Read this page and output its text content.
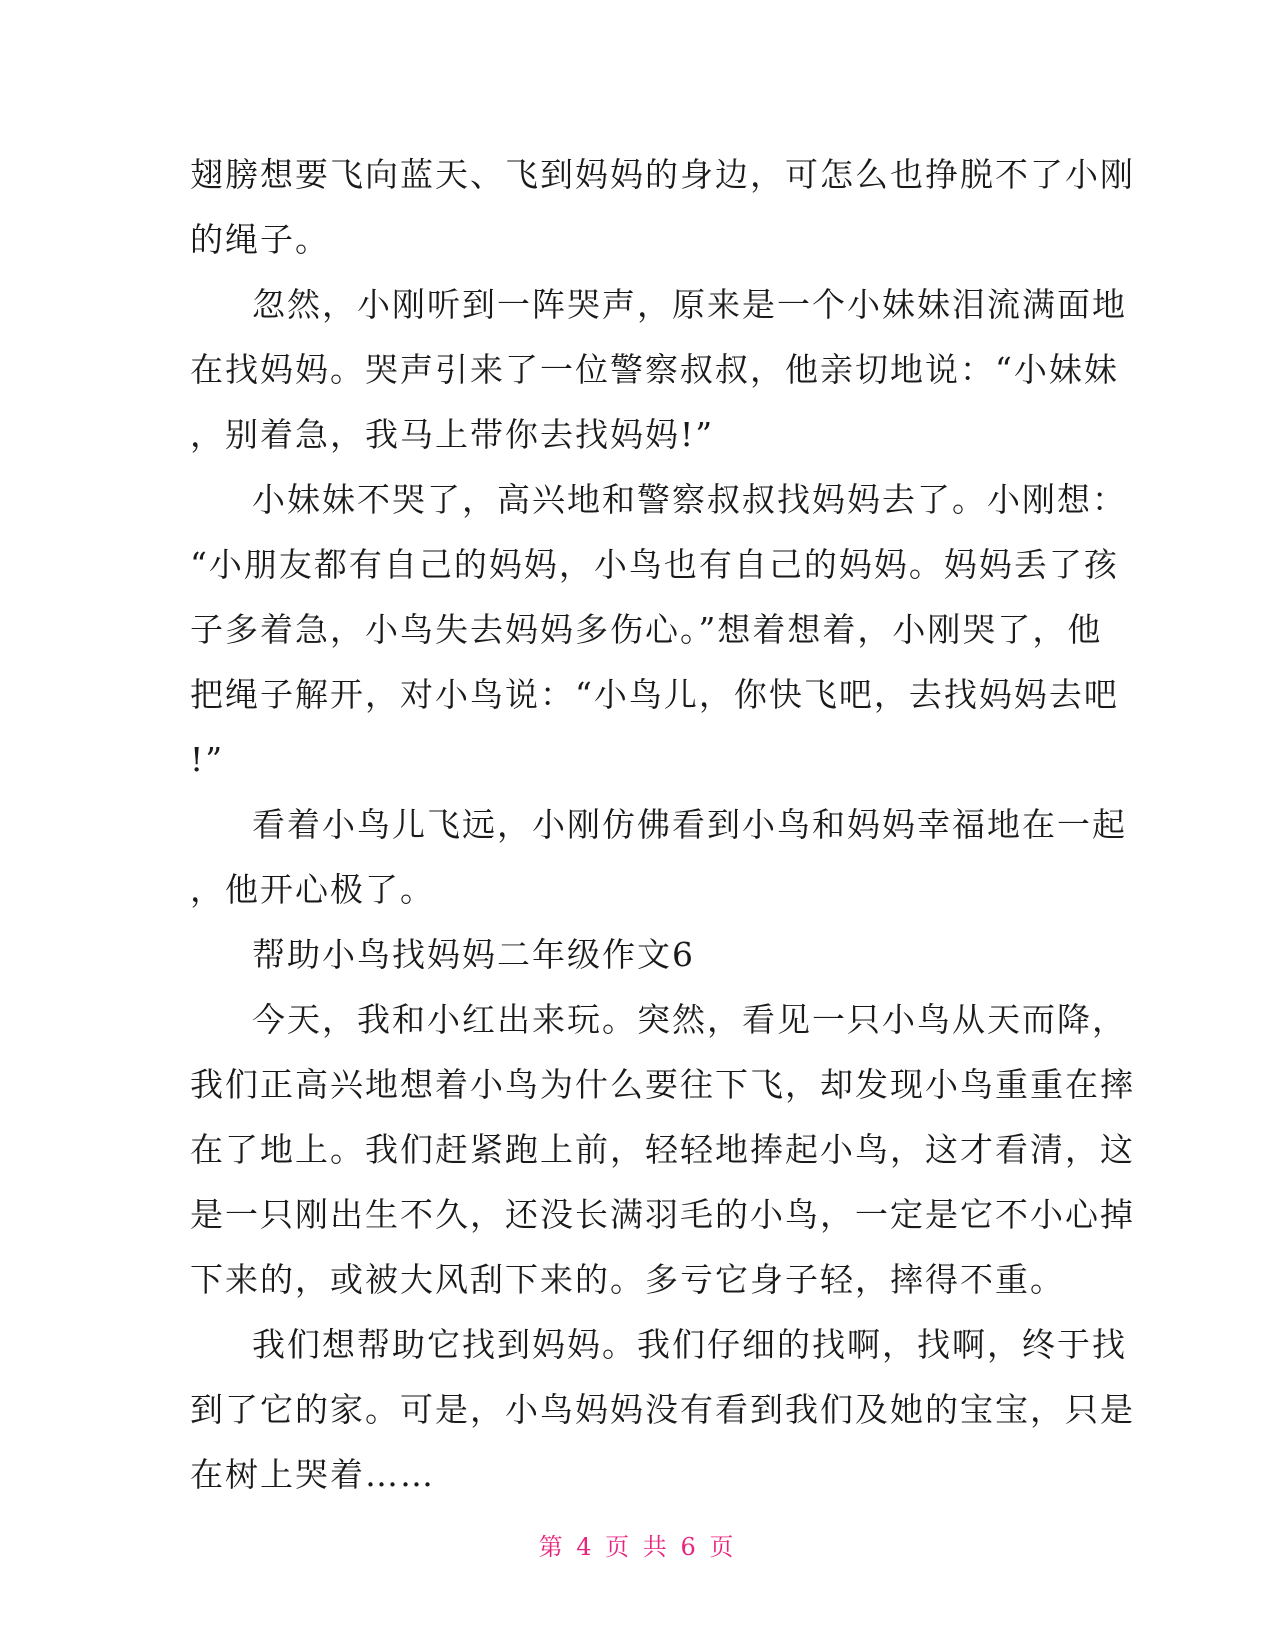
翅膀想要飞向蓝天、飞到妈妈的身边，可怎么也挣脱不了小刚
的绳子。
忽然，小刚听到一阵哭声，原来是一个小妹妹泪流满面地
在找妈妈。哭声引来了一位警察叔叔，他亲切地说：“小妹妹
，别着急，我马上带你去找妈妈!”
小妹妹不哭了，高兴地和警察叔叔找妈妈去了。小刚想：
“小朋友都有自己的妈妈，小鸟也有自己的妈妈。妈妈丢了孩
子多着急，小鸟失去妈妈多伤心。”想着想着，小刚哭了，他
把绳子解开，对小鸟说：“小鸟儿，你快飞吧，去找妈妈去吧
!”
看着小鸟儿飞远，小刚仿佛看到小鸟和妈妈幸福地在一起
，他开心极了。
帮助小鸟找妈妈二年级作文6
今天，我和小红出来玩。突然，看见一只小鸟从天而降，
我们正高兴地想着小鸟为什么要往下飞，却发现小鸟重重在摔
在了地上。我们赶紧跑上前，轻轻地捧起小鸟，这才看清，这
是一只刚出生不久，还没长满羽毛的小鸟，一定是它不小心掉
下来的，或被大风刮下来的。多亏它身子轻，摔得不重。
我们想帮助它找到妈妈。我们仔细的找啊，找啊，终于找
到了它的家。可是，小鸟妈妈没有看到我们及她的宝宝，只是
在树上哭着……
第 4 页 共 6 页
